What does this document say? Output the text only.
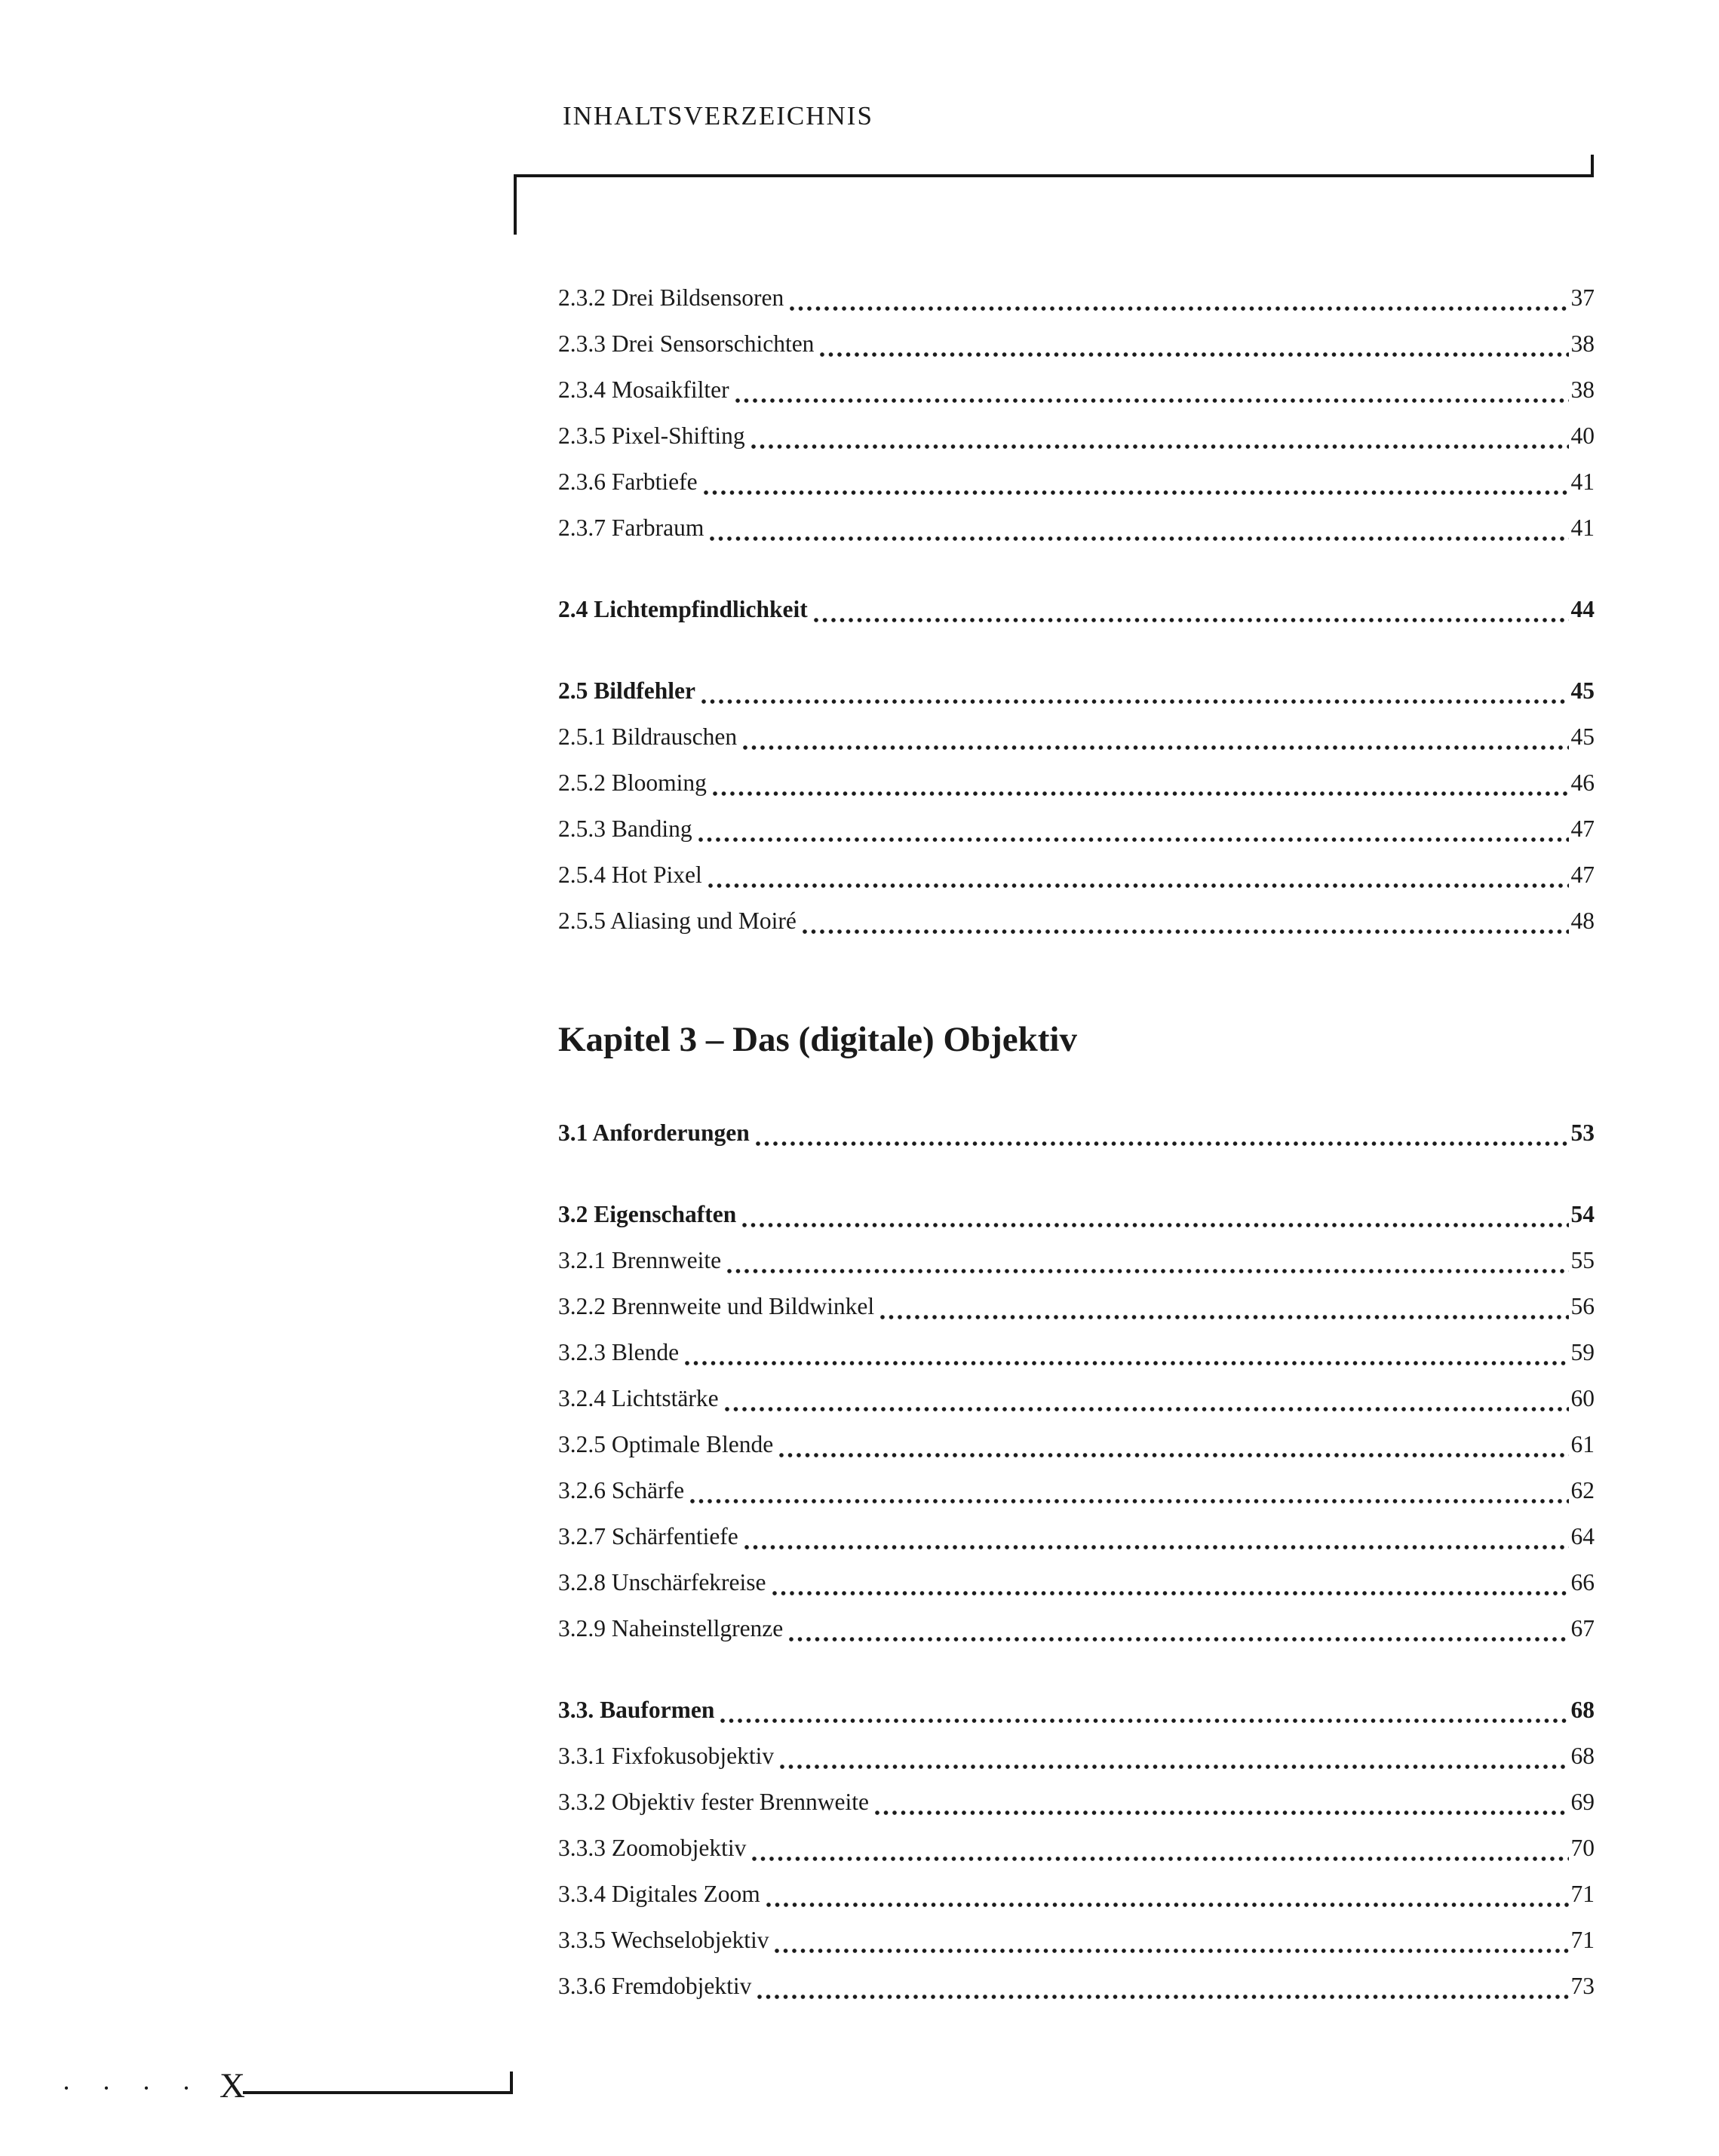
INHALTSVERZEICHNIS
2.3.2 Drei Bildsensoren	37
2.3.3 Drei Sensorschichten	38
2.3.4 Mosaikfilter	38
2.3.5 Pixel-Shifting	40
2.3.6 Farbtiefe	41
2.3.7 Farbraum	41
2.4 Lichtempfindlichkeit	44
2.5 Bildfehler	45
2.5.1 Bildrauschen	45
2.5.2 Blooming	46
2.5.3 Banding	47
2.5.4 Hot Pixel	47
2.5.5 Aliasing und Moiré	48
Kapitel 3 – Das (digitale) Objektiv
3.1 Anforderungen	53
3.2 Eigenschaften	54
3.2.1 Brennweite	55
3.2.2 Brennweite und Bildwinkel	56
3.2.3 Blende	59
3.2.4 Lichtstärke	60
3.2.5 Optimale Blende	61
3.2.6 Schärfe	62
3.2.7 Schärfentiefe	64
3.2.8 Unschärfekreise	66
3.2.9 Naheinstellgrenze	67
3.3. Bauformen	68
3.3.1 Fixfokusobjektiv	68
3.3.2 Objektiv fester Brennweite	69
3.3.3 Zoomobjektiv	70
3.3.4 Digitales Zoom	71
3.3.5 Wechselobjektiv	71
3.3.6 Fremdobjektiv	73
· · · · X
